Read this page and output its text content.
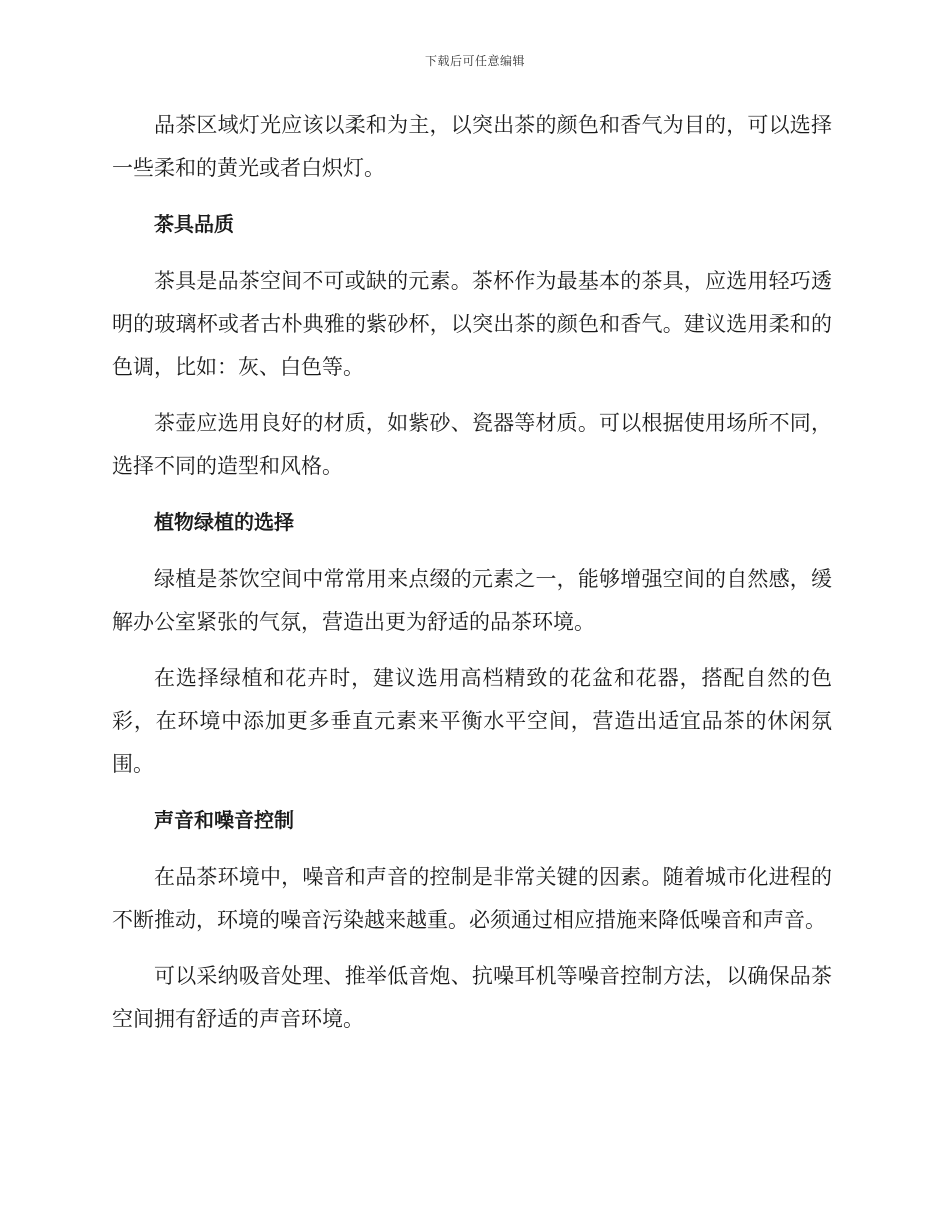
下载后可任意编辑

品茶区域灯光应该以柔和为主，以突出茶的颜色和香气为目的，可以选择一些柔和的黄光或者白炽灯。

茶具品质

茶具是品茶空间不可或缺的元素。茶杯作为最基本的茶具，应选用轻巧透明的玻璃杯或者古朴典雅的紫砂杯，以突出茶的颜色和香气。建议选用柔和的色调，比如：灰、白色等。

茶壶应选用良好的材质，如紫砂、瓷器等材质。可以根据使用场所不同，选择不同的造型和风格。

植物绿植的选择

绿植是茶饮空间中常常用来点缀的元素之一，能够增强空间的自然感，缓解办公室紧张的气氛，营造出更为舒适的品茶环境。

在选择绿植和花卉时，建议选用高档精致的花盆和花器，搭配自然的色彩，在环境中添加更多垂直元素来平衡水平空间，营造出适宜品茶的休闲氛围。

声音和噪音控制

在品茶环境中，噪音和声音的控制是非常关键的因素。随着城市化进程的不断推动，环境的噪音污染越来越重。必须通过相应措施来降低噪音和声音。

可以采纳吸音处理、推举低音炮、抗噪耳机等噪音控制方法，以确保品茶空间拥有舒适的声音环境。
